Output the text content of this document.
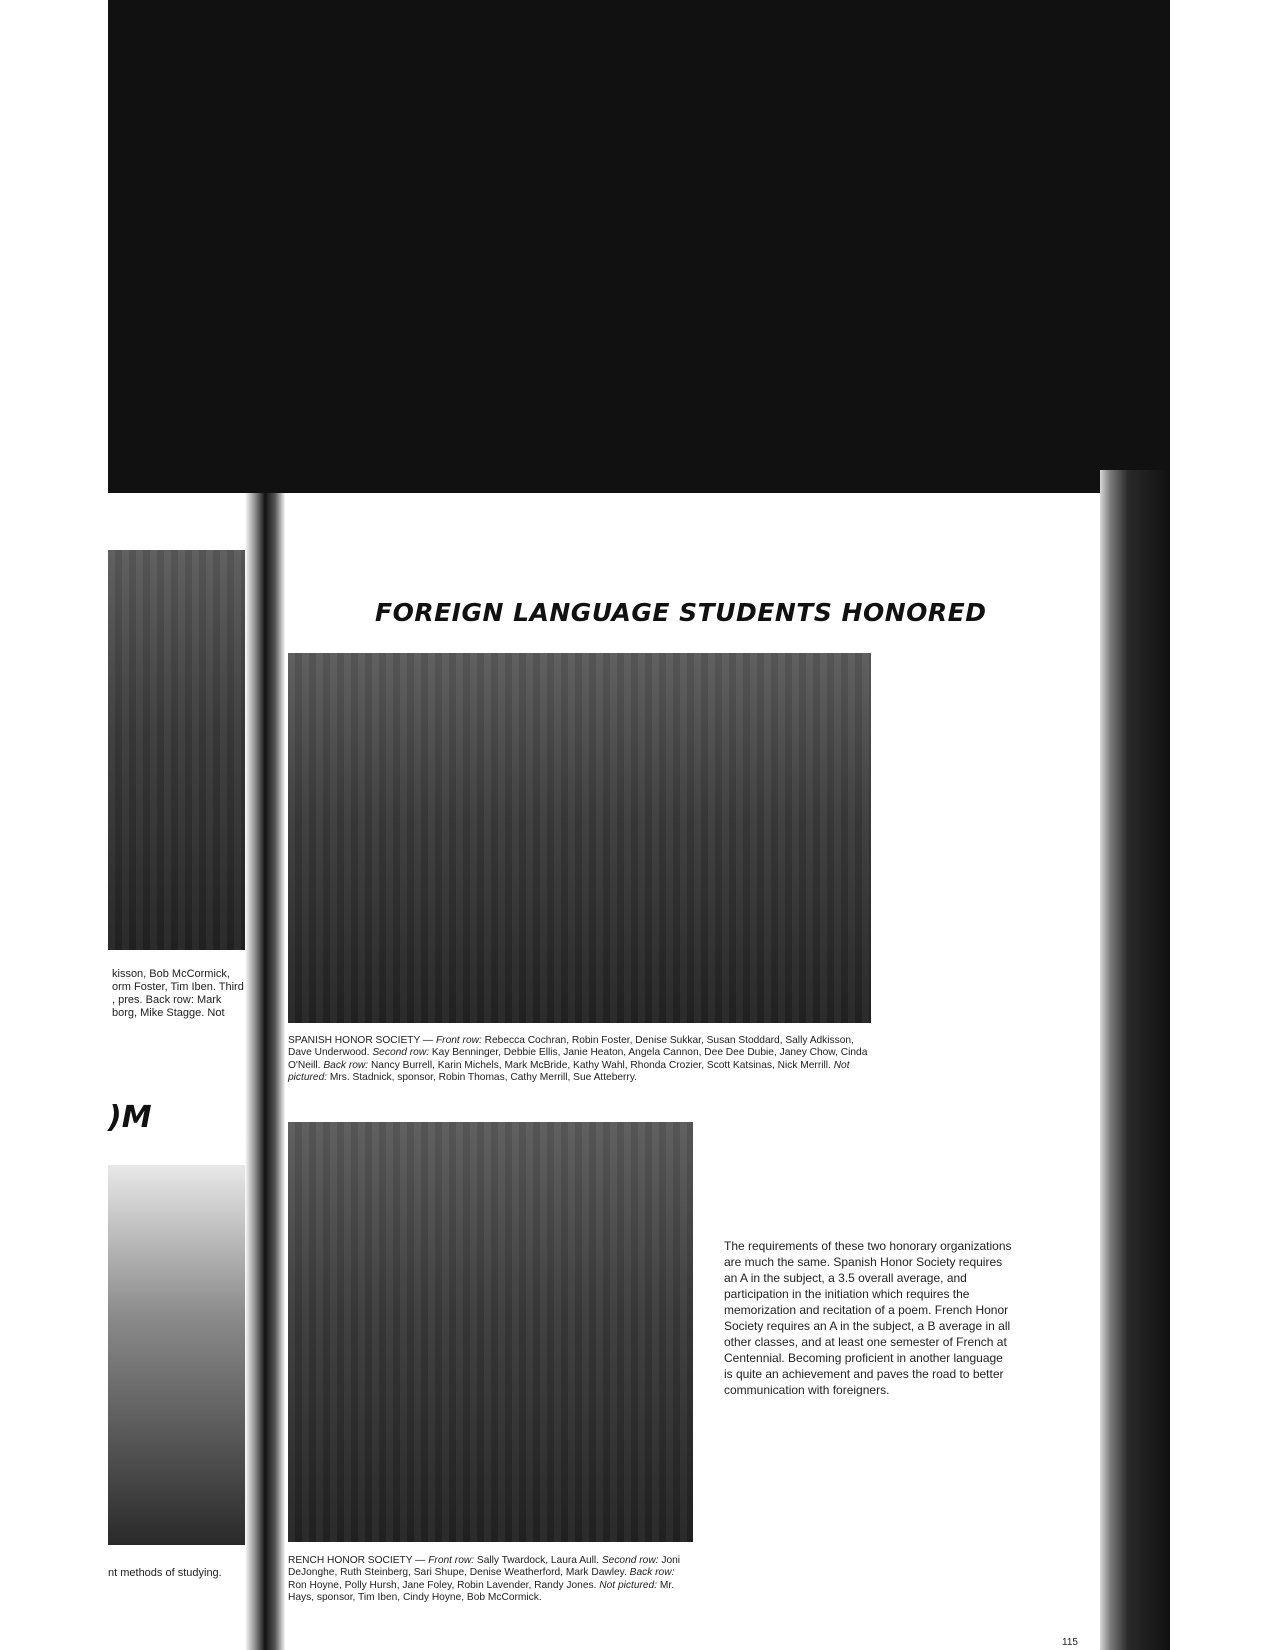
kisson, Bob McCormick,
orm Foster, Tim Iben. Third
, pres. Back row: Mark
borg, Mike Stagge. Not
)M
nt methods of studying.
FOREIGN LANGUAGE STUDENTS HONORED
SPANISH HONOR SOCIETY — Front row: Rebecca Cochran, Robin Foster, Denise Sukkar, Susan Stoddard, Sally Adkisson, Dave Underwood. Second row: Kay Benninger, Debbie Ellis, Janie Heaton, Angela Cannon, Dee Dee Dubie, Janey Chow, Cinda O'Neill. Back row: Nancy Burrell, Karin Michels, Mark McBride, Kathy Wahl, Rhonda Crozier, Scott Katsinas, Nick Merrill. Not pictured: Mrs. Stadnick, sponsor, Robin Thomas, Cathy Merrill, Sue Atteberry.
The requirements of these two honorary organizations are much the same. Spanish Honor Society requires an A in the subject, a 3.5 overall average, and participation in the initiation which requires the memorization and recitation of a poem. French Honor Society requires an A in the subject, a B average in all other classes, and at least one semester of French at Centennial. Becoming proficient in another language is quite an achievement and paves the road to better communication with foreigners.
RENCH HONOR SOCIETY — Front row: Sally Twardock, Laura Aull. Second row: Joni DeJonghe, Ruth Steinberg, Sari Shupe, Denise Weatherford, Mark Dawley. Back row: Ron Hoyne, Polly Hursh, Jane Foley, Robin Lavender, Randy Jones. Not pictured: Mr. Hays, sponsor, Tim Iben, Cindy Hoyne, Bob McCormick.
115
